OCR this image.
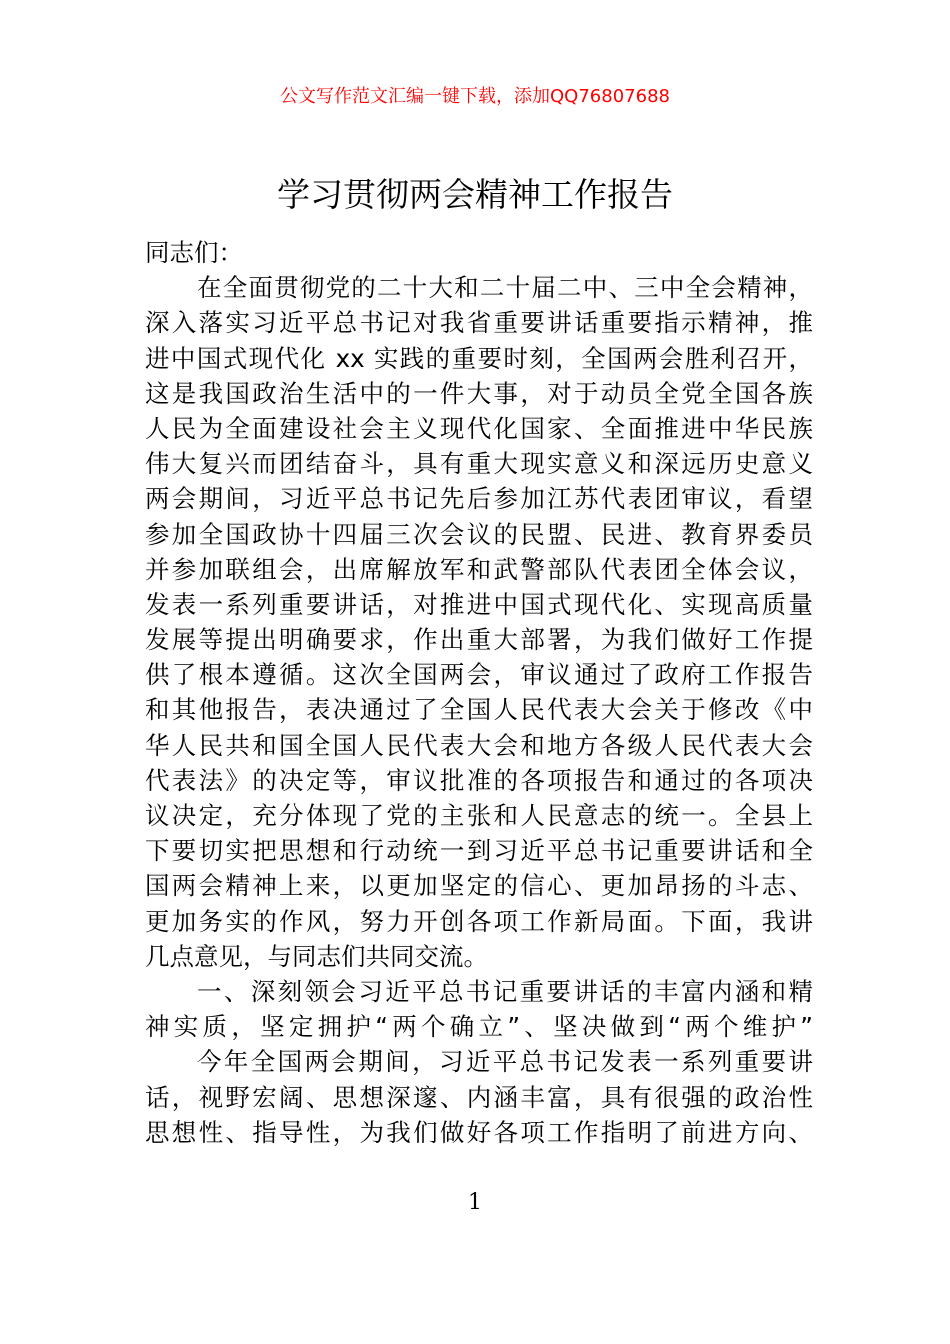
公文写作范文汇编一键下载，添加QQ76807688
学习贯彻两会精神工作报告
同志们：
在全面贯彻党的二十大和二十届二中、三中全会精神，
深入落实习近平总书记对我省重要讲话重要指示精神，推
进中国式现代化 xx 实践的重要时刻，全国两会胜利召开，
这是我国政治生活中的一件大事，对于动员全党全国各族
人民为全面建设社会主义现代化国家、全面推进中华民族
伟大复兴而团结奋斗，具有重大现实意义和深远历史意义
两会期间，习近平总书记先后参加江苏代表团审议，看望
参加全国政协十四届三次会议的民盟、民进、教育界委员
并参加联组会，出席解放军和武警部队代表团全体会议，
发表一系列重要讲话，对推进中国式现代化、实现高质量
发展等提出明确要求，作出重大部署，为我们做好工作提
供了根本遵循。这次全国两会，审议通过了政府工作报告
和其他报告，表决通过了全国人民代表大会关于修改《中
华人民共和国全国人民代表大会和地方各级人民代表大会
代表法》的决定等，审议批准的各项报告和通过的各项决
议决定，充分体现了党的主张和人民意志的统一。全县上
下要切实把思想和行动统一到习近平总书记重要讲话和全
国两会精神上来，以更加坚定的信心、更加昂扬的斗志、
更加务实的作风，努力开创各项工作新局面。下面，我讲
几点意见，与同志们共同交流。
一、深刻领会习近平总书记重要讲话的丰富内涵和精
神实质，坚定拥护“两个确立”、坚决做到“两个维护”
今年全国两会期间，习近平总书记发表一系列重要讲
话，视野宏阔、思想深邃、内涵丰富，具有很强的政治性
思想性、指导性，为我们做好各项工作指明了前进方向、
1
